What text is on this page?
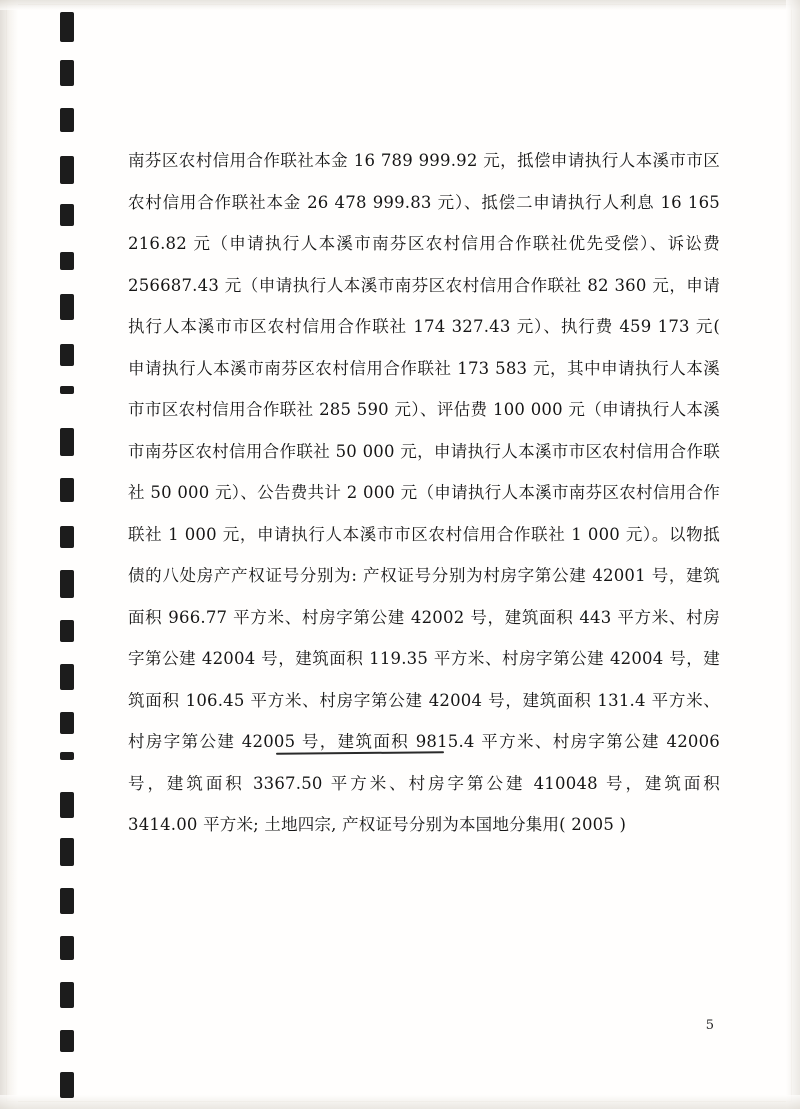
南芬区农村信用合作联社本金 16 789 999.92 元，抵偿申请执行人本溪市市区农村信用合作联社本金 26 478 999.83 元）、抵偿二申请执行人利息 16 165 216.82 元（申请执行人本溪市南芬区农村信用合作联社优先受偿）、诉讼费 256687.43 元（申请执行人本溪市南芬区农村信用合作联社 82 360 元，申请执行人本溪市市区农村信用合作联社 174 327.43 元）、执行费 459 173 元( 申请执行人本溪市南芬区农村信用合作联社 173 583 元，其中申请执行人本溪市市区农村信用合作联社 285 590 元）、评估费 100 000 元（申请执行人本溪市南芬区农村信用合作联社 50 000 元，申请执行人本溪市市区农村信用合作联社 50 000 元）、公告费共计 2 000 元（申请执行人本溪市南芬区农村信用合作联社 1 000 元，申请执行人本溪市市区农村信用合作联社 1 000 元）。以物抵债的八处房产产权证号分别为: 产权证号分别为村房字第公建 42001 号，建筑面积 966.77 平方米、村房字第公建 42002 号，建筑面积 443 平方米、村房字第公建 42004 号，建筑面积 119.35 平方米、村房字第公建 42004 号，建筑面积 106.45 平方米、村房字第公建 42004 号，建筑面积 131.4 平方米、村房字第公建 42005 号，建筑面积 9815.4 平方米、村房字第公建 42006 号，建筑面积 3367.50 平方米、村房字第公建 410048 号，建筑面积 3414.00 平方米; 土地四宗, 产权证号分别为本国地分集用( 2005 )

5
